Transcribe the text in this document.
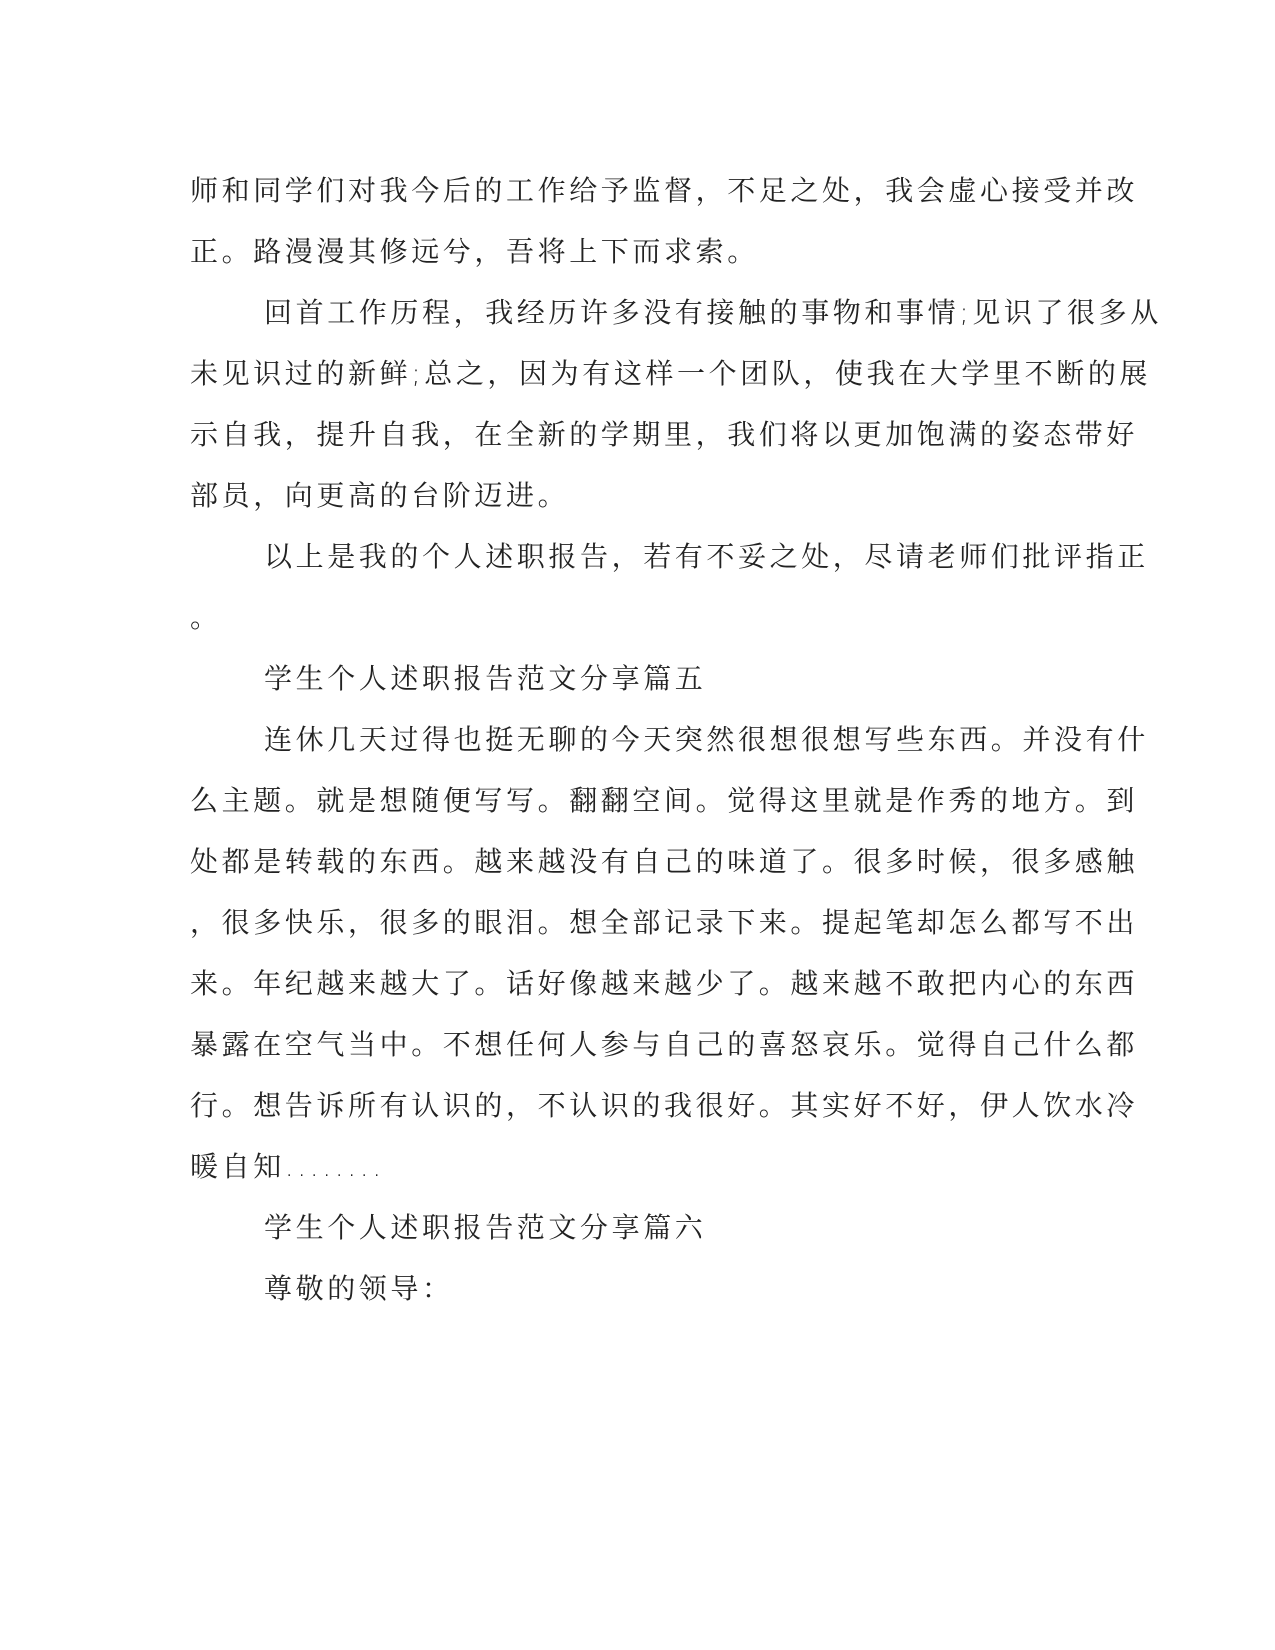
师和同学们对我今后的工作给予监督，不足之处，我会虚心接受并改
正。路漫漫其修远兮，吾将上下而求索。
回首工作历程，我经历许多没有接触的事物和事情;见识了很多从
未见识过的新鲜;总之，因为有这样一个团队，使我在大学里不断的展
示自我，提升自我，在全新的学期里，我们将以更加饱满的姿态带好
部员，向更高的台阶迈进。
以上是我的个人述职报告，若有不妥之处，尽请老师们批评指正
。
学生个人述职报告范文分享篇五
连休几天过得也挺无聊的今天突然很想很想写些东西。并没有什
么主题。就是想随便写写。翻翻空间。觉得这里就是作秀的地方。到
处都是转载的东西。越来越没有自己的味道了。很多时候，很多感触
，很多快乐，很多的眼泪。想全部记录下来。提起笔却怎么都写不出
来。年纪越来越大了。话好像越来越少了。越来越不敢把内心的东西
暴露在空气当中。不想任何人参与自己的喜怒哀乐。觉得自己什么都
行。想告诉所有认识的，不认识的我很好。其实好不好，伊人饮水冷
暖自知........
学生个人述职报告范文分享篇六
尊敬的领导：
